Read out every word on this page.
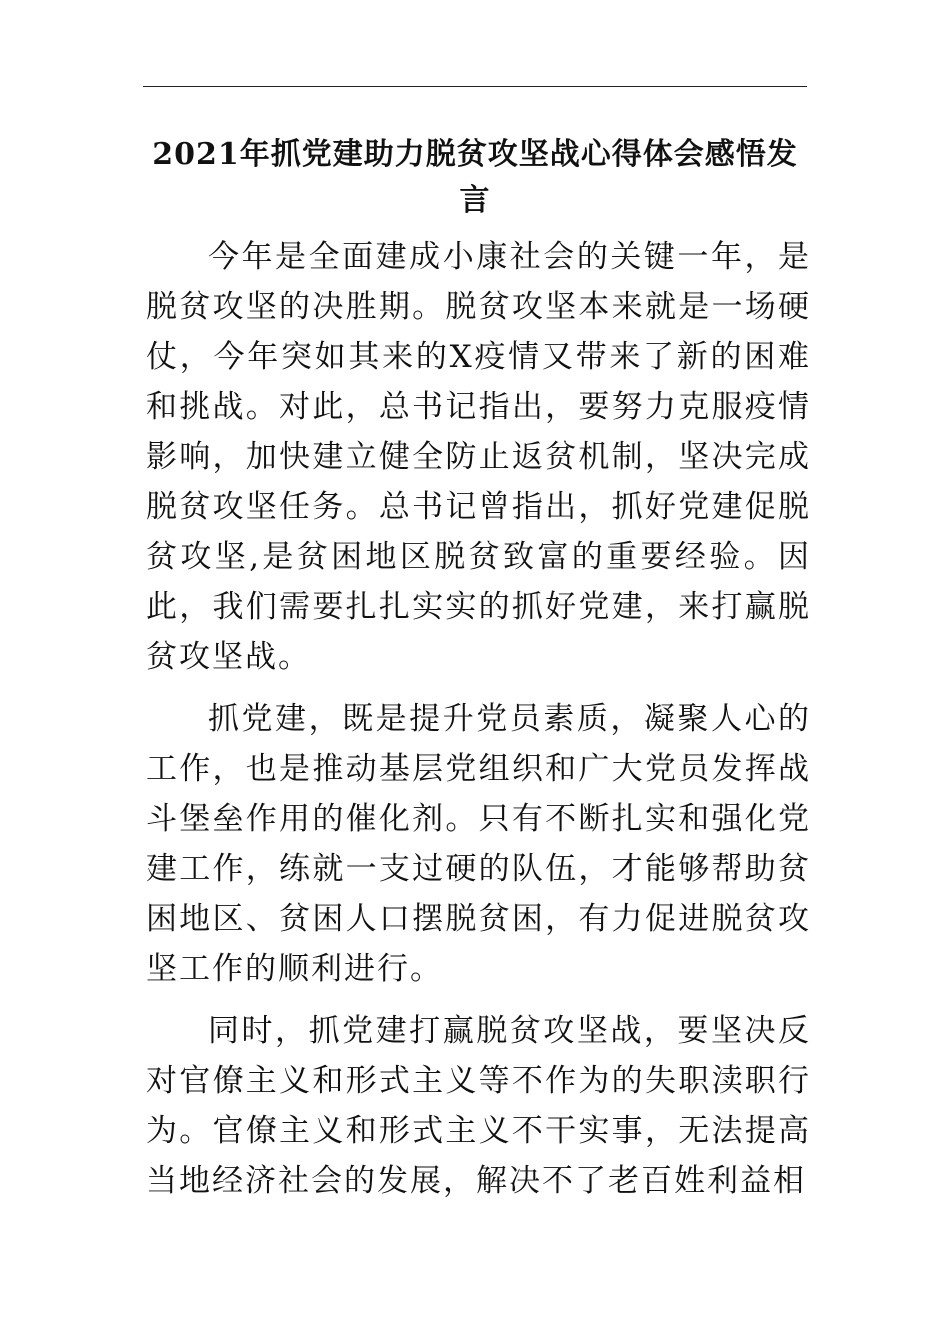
2021年抓党建助力脱贫攻坚战心得体会感悟发言

今年是全面建成小康社会的关键一年，是脱贫攻坚的决胜期。脱贫攻坚本来就是一场硬仗，今年突如其来的X疫情又带来了新的困难和挑战。对此，总书记指出，要努力克服疫情影响，加快建立健全防止返贫机制，坚决完成脱贫攻坚任务。总书记曾指出，抓好党建促脱贫攻坚,是贫困地区脱贫致富的重要经验。因此，我们需要扎扎实实的抓好党建，来打赢脱贫攻坚战。

抓党建，既是提升党员素质，凝聚人心的工作，也是推动基层党组织和广大党员发挥战斗堡垒作用的催化剂。只有不断扎实和强化党建工作，练就一支过硬的队伍，才能够帮助贫困地区、贫困人口摆脱贫困，有力促进脱贫攻坚工作的顺利进行。

同时，抓党建打赢脱贫攻坚战，要坚决反对官僚主义和形式主义等不作为的失职渎职行为。官僚主义和形式主义不干实事，无法提高当地经济社会的发展，解决不了老百姓利益相
